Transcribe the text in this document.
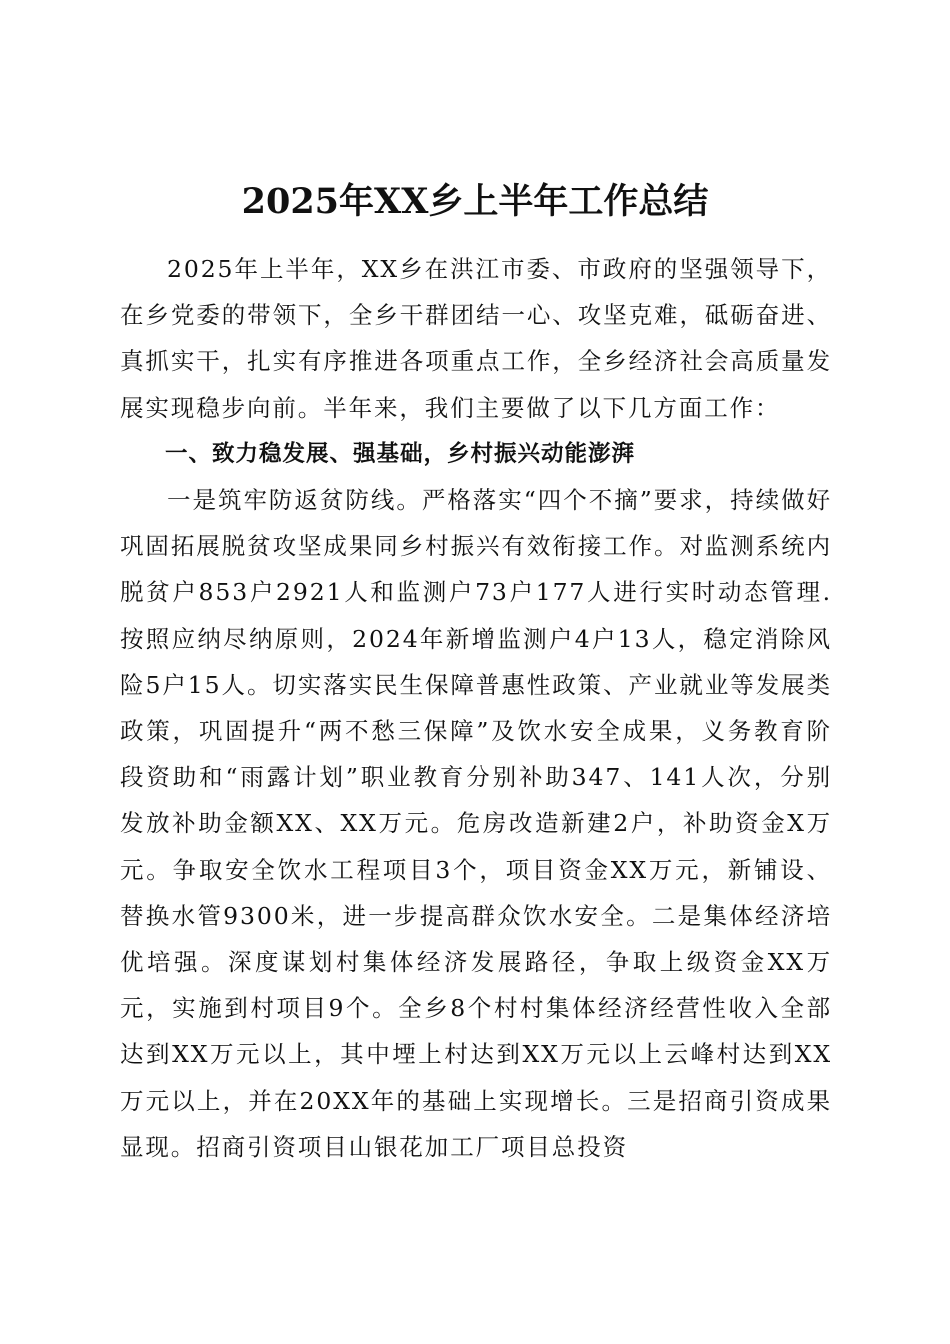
2025年XX乡上半年工作总结

2025年上半年，XX乡在洪江市委、市政府的坚强领导下，在乡党委的带领下，全乡干群团结一心、攻坚克难，砥砺奋进、真抓实干，扎实有序推进各项重点工作，全乡经济社会高质量发展实现稳步向前。半年来，我们主要做了以下几方面工作：

一、致力稳发展、强基础，乡村振兴动能澎湃

一是筑牢防返贫防线。严格落实“四个不摘”要求，持续做好巩固拓展脱贫攻坚成果同乡村振兴有效衔接工作。对监测系统内脱贫户853户2921人和监测户73户177人进行实时动态管理.按照应纳尽纳原则，2024年新增监测户4户13人，稳定消除风险5户15人。切实落实民生保障普惠性政策、产业就业等发展类政策，巩固提升“两不愁三保障”及饮水安全成果，义务教育阶段资助和“雨露计划”职业教育分别补助347、141人次，分别发放补助金额XX、XX万元。危房改造新建2户，补助资金X万元。争取安全饮水工程项目3个，项目资金XX万元，新铺设、替换水管9300米，进一步提高群众饮水安全。二是集体经济培优培强。深度谋划村集体经济发展路径，争取上级资金XX万元，实施到村项目9个。全乡8个村村集体经济经营性收入全部达到XX万元以上，其中堙上村达到XX万元以上云峰村达到XX万元以上，并在20XX年的基础上实现增长。三是招商引资成果显现。招商引资项目山银花加工厂项目总投资
